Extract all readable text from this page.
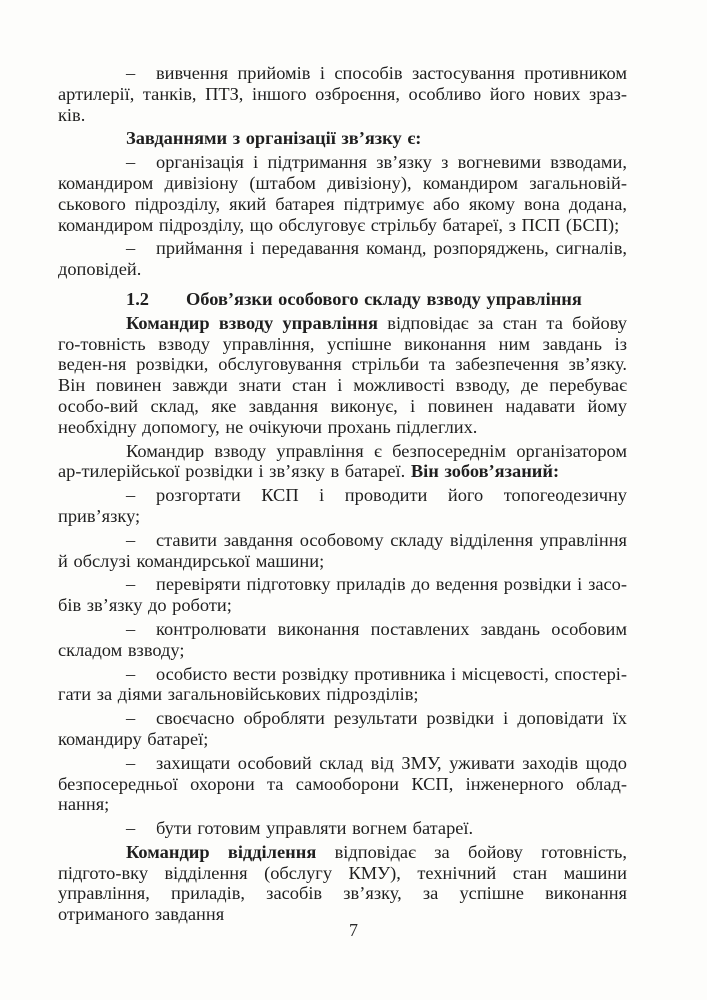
– вивчення прийомів і способів застосування противником артилерії, танків, ПТЗ, іншого озброєння, особливо його нових зраз-ків.

Завданнями з організації зв’язку є:

– організація і підтримання зв’язку з вогневими взводами, командиром дивізіону (штабом дивізіону), командиром загальновій-ськового підрозділу, який батарея підтримує або якому вона додана, командиром підрозділу, що обслуговує стрільбу батареї, з ПСП (БСП);

– приймання і передавання команд, розпоряджень, сигналів, доповідей.

1.2 Обов’язки особового складу взводу управління

Командир взводу управління відповідає за стан та бойову го-товність взводу управління, успішне виконання ним завдань із веден-ня розвідки, обслуговування стрільби та забезпечення зв’язку. Він повинен завжди знати стан і можливості взводу, де перебуває особо-вий склад, яке завдання виконує, і повинен надавати йому необхідну допомогу, не очікуючи прохань підлеглих.

Командир взводу управління є безпосереднім організатором ар-тилерійської розвідки і зв’язку в батареї. Він зобов’язаний:

– розгортати КСП і проводити його топогеодезичну прив’язку;

– ставити завдання особовому складу відділення управління й обслузі командирської машини;

– перевіряти підготовку приладів до ведення розвідки і засо-бів зв’язку до роботи;

– контролювати виконання поставлених завдань особовим складом взводу;

– особисто вести розвідку противника і місцевості, спостері-гати за діями загальновійськових підрозділів;

– своєчасно обробляти результати розвідки і доповідати їх командиру батареї;

– захищати особовий склад від ЗМУ, уживати заходів щодо безпосередньої охорони та самооборони КСП, інженерного облад-нання;

– бути готовим управляти вогнем батареї.

Командир відділення відповідає за бойову готовність, підгото-вку відділення (обслугу КМУ), технічний стан машини управління, приладів, засобів зв’язку, за успішне виконання отриманого завдання

7
